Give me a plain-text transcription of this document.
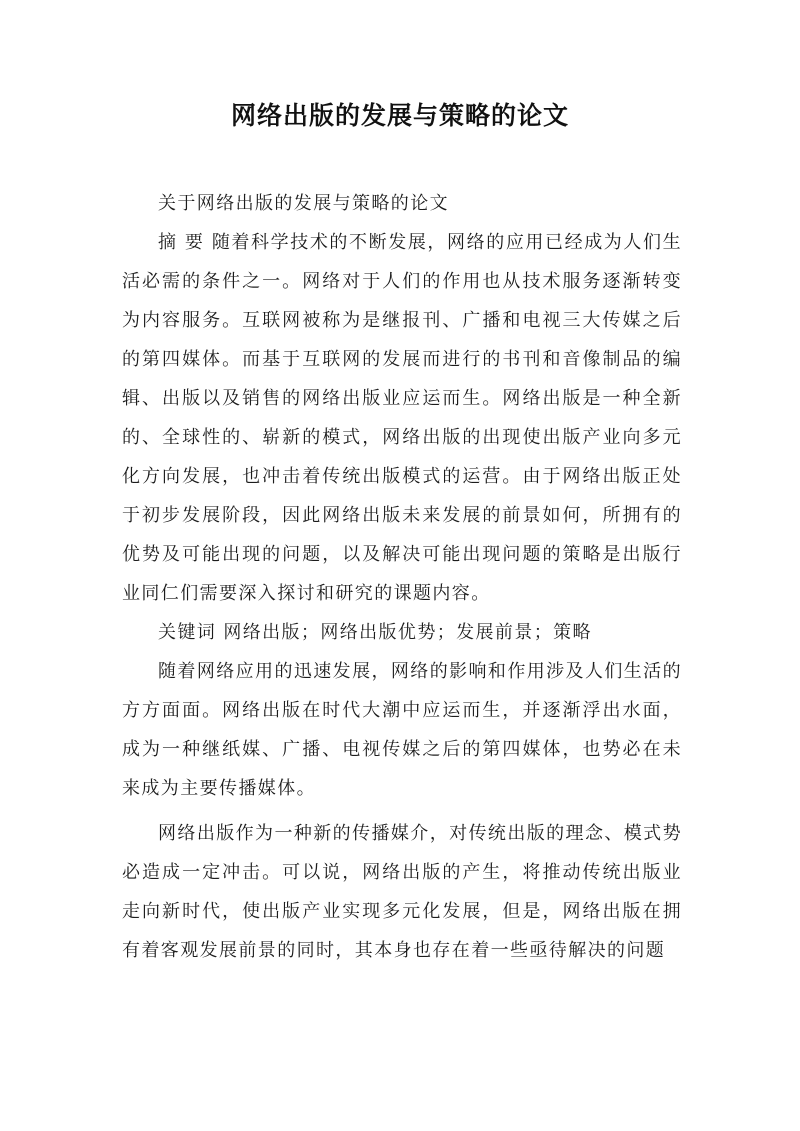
网络出版的发展与策略的论文

关于网络出版的发展与策略的论文

摘 要 随着科学技术的不断发展，网络的应用已经成为人们生活必需的条件之一。网络对于人们的作用也从技术服务逐渐转变为内容服务。互联网被称为是继报刊、广播和电视三大传媒之后的第四媒体。而基于互联网的发展而进行的书刊和音像制品的编辑、出版以及销售的网络出版业应运而生。网络出版是一种全新的、全球性的、崭新的模式，网络出版的出现使出版产业向多元化方向发展，也冲击着传统出版模式的运营。由于网络出版正处于初步发展阶段，因此网络出版未来发展的前景如何，所拥有的优势及可能出现的问题，以及解决可能出现问题的策略是出版行业同仁们需要深入探讨和研究的课题内容。

关键词 网络出版；网络出版优势；发展前景；策略

随着网络应用的迅速发展，网络的影响和作用涉及人们生活的方方面面。网络出版在时代大潮中应运而生，并逐渐浮出水面，成为一种继纸媒、广播、电视传媒之后的第四媒体，也势必在未来成为主要传播媒体。

网络出版作为一种新的传播媒介，对传统出版的理念、模式势必造成一定冲击。可以说，网络出版的产生，将推动传统出版业走向新时代，使出版产业实现多元化发展，但是，网络出版在拥有着客观发展前景的同时，其本身也存在着一些亟待解决的问题
